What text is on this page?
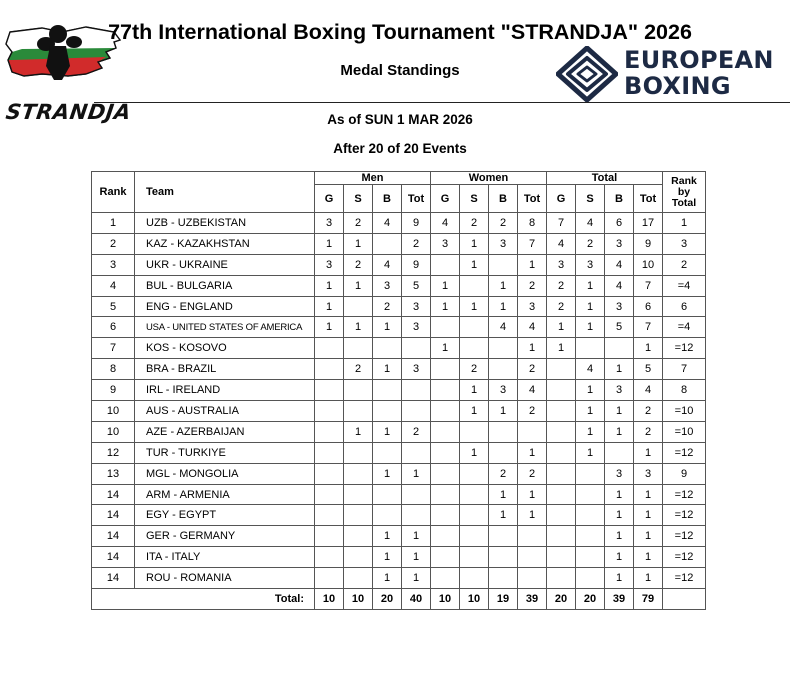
STRANDJA
77th International Boxing Tournament "STRANDJA" 2026
Medal Standings	EUROPEAN
BOXING
As of SUN 1 MAR 2026
After 20 of 20 Events
Rank	Team	Men				Women				Total				Rank
by
Total
		G	S	B	Tot	G	S	B	Tot	G	S	B	Tot	
1	UZB - UZBEKISTAN	3	2	4	9	4	2	2	8	7	4	6	17	1
2	KAZ - KAZAKHSTAN	1	1		2	3	1	3	7	4	2	3	9	3
3	UKR - UKRAINE	3	2	4	9		1		1	3	3	4	10	2
4	BUL - BULGARIA	1	1	3	5	1		1	2	2	1	4	7	=4
5	ENG - ENGLAND	1		2	3	1	1	1	3	2	1	3	6	6
6	USA - UNITED STATES OF AMERICA	1	1	1	3			4	4	1	1	5	7	=4
7	KOS - KOSOVO					1			1	1			1	=12
8	BRA - BRAZIL		2	1	3		2		2		4	1	5	7
9	IRL - IRELAND						1	3	4		1	3	4	8
10	AUS - AUSTRALIA						1	1	2		1	1	2	=10
10	AZE - AZERBAIJAN		1	1	2						1	1	2	=10
12	TUR - TURKIYE						1		1		1		1	=12
13	MGL - MONGOLIA			1	1			2	2			3	3	9
14	ARM - ARMENIA							1	1			1	1	=12
14	EGY - EGYPT							1	1			1	1	=12
14	GER - GERMANY			1	1							1	1	=12
14	ITA - ITALY			1	1							1	1	=12
14	ROU - ROMANIA			1	1							1	1	=12
Total:		10	10	20	40	10	10	19	39	20	20	39	79	
